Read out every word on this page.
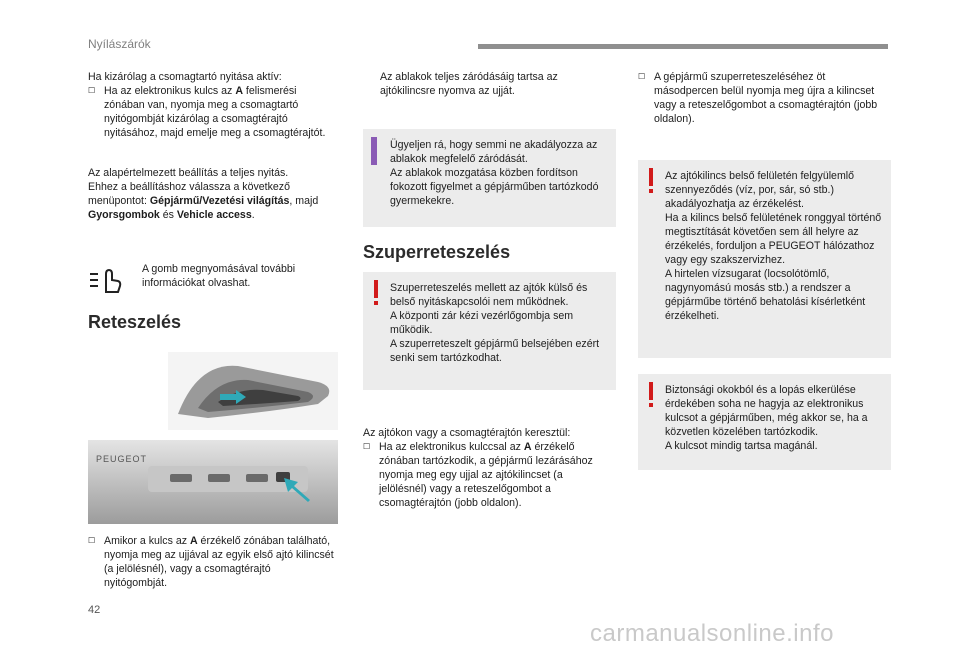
Nyílászárók

Ha kizárólag a csomagtartó nyitása aktív:

☐ Ha az elektronikus kulcs az A felismerési zónában van, nyomja meg a csomagtartó nyitógombját kizárólag a csomagtérajtó nyitásához, majd emelje meg a csomagtérajtót.

Az alapértelmezett beállítás a teljes nyitás.

Ehhez a beállításhoz válassza a következő menüpontot: Gépjármű/Vezetési világítás, majd Gyorsgombok és Vehicle access.

A gomb megnyomásával további információkat olvashat.
Reteszelés
PEUGEOT
☐ Amikor a kulcs az A érzékelő zónában található, nyomja meg az ujjával az egyik első ajtó kilincsét (a jelölésnél), vagy a csomagtérajtó nyitógombját.
Az ablakok teljes záródásáig tartsa az ajtókilincsre nyomva az ujját.

Ügyeljen rá, hogy semmi ne akadályozza az ablakok megfelelő záródását.

Az ablakok mozgatása közben fordítson fokozott figyelmet a gépjárműben tartózkodó gyermekekre.

Szuperreteszelés

Szuperreteszelés mellett az ajtók külső és belső nyitáskapcsolói nem működnek.

A központi zár kézi vezérlőgombja sem működik.

A szuperreteszelt gépjármű belsejében ezért senki sem tartózkodhat.

Az ajtókon vagy a csomagtérajtón keresztül:

☐ Ha az elektronikus kulccsal az A érzékelő zónában tartózkodik, a gépjármű lezárásához nyomja meg egy ujjal az ajtókilincset (a jelölésnél) vagy a reteszelőgombot a csomagtérajtón (jobb oldalon).
☐ A gépjármű szuperreteszeléséhez öt másodpercen belül nyomja meg újra a kilincset vagy a reteszelőgombot a csomagtérajtón (jobb oldalon).

Az ajtókilincs belső felületén felgyülemlő szennyeződés (víz, por, sár, só stb.) akadályozhatja az érzékelést.

Ha a kilincs belső felületének ronggyal történő megtisztítását követően sem áll helyre az érzékelés, forduljon a PEUGEOT hálózathoz vagy egy szakszervizhez.

A hirtelen vízsugarat (locsolótömlő, nagynyomású mosás stb.) a rendszer a gépjárműbe történő behatolási kísérletként érzékelheti.

Biztonsági okokból és a lopás elkerülése érdekében soha ne hagyja az elektronikus kulcsot a gépjárműben, még akkor se, ha a közvetlen közelében tartózkodik.

A kulcsot mindig tartsa magánál.

42
carmanualsonline.info
